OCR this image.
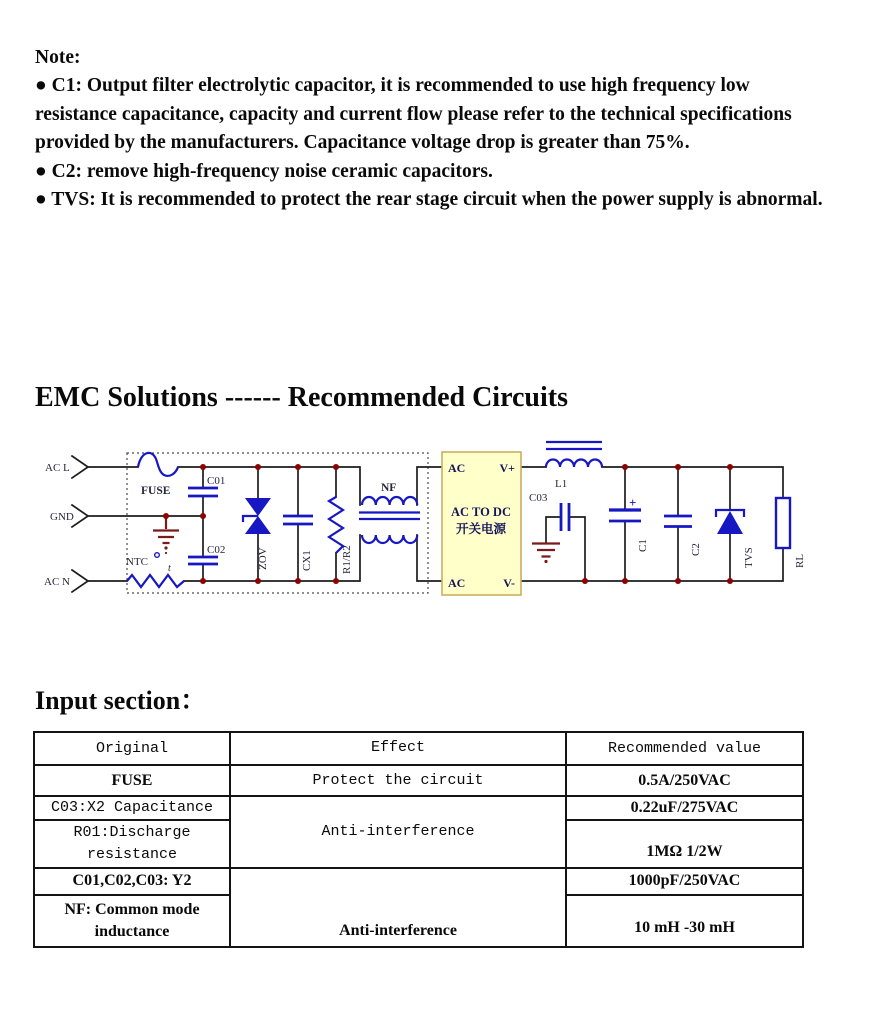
Note:

● C1: Output filter electrolytic capacitor, it is recommended to use high frequency low resistance capacitance, capacity and current flow please refer to the technical specifications provided by the manufacturers. Capacitance voltage drop is greater than 75%.

● C2: remove high-frequency noise ceramic capacitors.

● TVS: It is recommended to protect the rear stage circuit when the power supply is abnormal.

EMC Solutions ------ Recommended Circuits
AC L
GND
AC N
FUSE
C01
C02
NTC
t	ZOV	CX1	R1/R2
NF
AC	V+
AC TO DC
开关电源
AC	V-
L1
C03	+
C1	C2	TVS	RL
Input section：
Original	Effect	Recommended value
FUSE	Protect the circuit	0.5A/250VAC
C03:X2 Capacitance	Anti-interference	0.22uF/275VAC
R01:Discharge resistance		1MΩ 1/2W
C01,C02,C03: Y2	Anti-interference	1000pF/250VAC
NF: Common mode inductance		10 mH -30 mH
